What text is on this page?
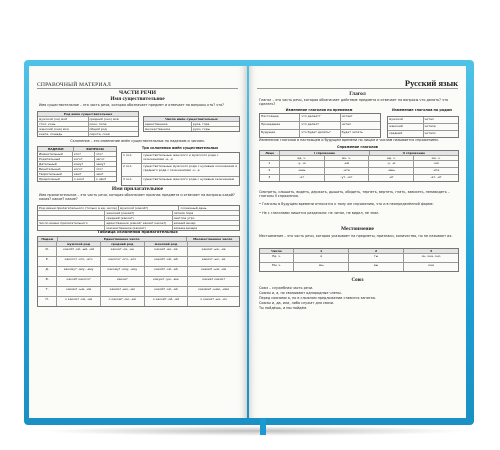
СПРАВОЧНЫЙ МАТЕРИАЛ
ЧАСТИ РЕЧИ
Имя существительное
Имя существительное – это часть речи, которая обозначает предмет и отвечает на вопросы кто? что?
Род имён существительных
мужской (он) мой	средний (оно) моё
стол, конь	окно, поле
женский (она) моя	общий род
книга, лошадь	сирота, соня
Число имён существительных
единственное	рука, гора
множественное	руки, горы
Склонение – это изменение имён существительных по падежам и числам.
ПАДЕЖИ	ВОПРОСЫ
Именительный	кто?	что?
Родительный	кого?	чего?
Дательный	кому?	чему?
Винительный	кого?	что?
Творительный	кем?	чем?
Предложный	о ком?	о чём?
Три склонения имён существительных
1 скл.	существительные женского и мужского рода с окончаниями -а, -я
2 скл.	существительные мужского рода с нулевым окончанием и среднего рода с окончаниями -о, -е
3 скл.	существительные женского рода с нулевым окончанием
Имя прилагательное
Имя прилагательное – это часть речи, которая обозначает признак предмета и отвечает на вопросы какой? какая? какое? какие?
Род имени прилагательного (только в ед. числе)	мужской (какой?)	солнечный день
женский (какая?)	летняя пора
средний (какое?)	светлое утро
Число имени прилагательного	единственное (какой? какая? какое?)	зимний вечер
множественное (какие?)	зимние вечера
Таблица склонения прилагательных
Падеж	Единственное число	Множественное число
мужской род	средний род	женский род
И.	какой? -ой, -ый, -ий	какое? -ое, -ее	какая? -ая, -яя	какие? -ые, -ие
Р.	какого? -ого, -его	какого? -ого, -его	какой? -ой, -ей	каких? -ых, -их
Д.	какому? -ому, -ему	какому? -ому, -ему	какой? -ой, -ей	каким? -ым, -им
В.	какой? какого?	какое?	какую? -ую, -юю	какие? каких?
Т.	каким? -ым, -им	каким? -ым, -им	какой? -ой, -ей	какими? -ыми, -ими
П.	о каком? -ом, -ем	о каком? -ом, -ем	о какой? -ой, -ей	о каких? -ых, -их
Русский язык
Глагол
Глагол – это часть речи, которая обозначает действие предмета и отвечает на вопросы что делать? что сделать?
Изменение глаголов по временам
Настоящее	что делает?	читает
Прошедшее	что делал?	читал
Будущее	что будет делать?	будет читать
Изменение глаголов по родам
мужской	читал
женский	читала
средний	читало
Изменение глаголов в настоящем и будущем времени по лицам и числам называется спряжением.
Спряжение глаголов
Лицо	I спряжение	II спряжение
ед. ч.	мн. ч.	ед. ч.	мн. ч.
1	-у, -ю	-ем	-у, -ю	-им
2	-ешь	-ете	-ишь	-ите
3	-ет	-ут, -ют	-ит	-ат, -ят
Смотреть, слышать, видеть, держать, дышать, обидеть, терпеть, вертеть, гнать, зависеть, ненавидеть – глаголы II спряжения.
• Глаголы в будущем времени относятся к тому же спряжению, что и в неопределённой форме.
• Не с глаголами пишется раздельно: не читал, не видел, не знал.
Местоимение
Местоимение – это часть речи, которая указывает на предметы, признаки, количество, но не называет их.
Число	1	2	3
Ед. ч.	я	ты	он, она, оно
Мн. ч.	мы	вы	они
Союз
Союз – служебная часть речи.
Союзы и, а, но связывают однородные члены.
Перед союзами а, но в сложном предложении ставится запятая.
Союзы и, да, или, либо служат для связи.
Ты пойдёшь, и мы пойдём.
